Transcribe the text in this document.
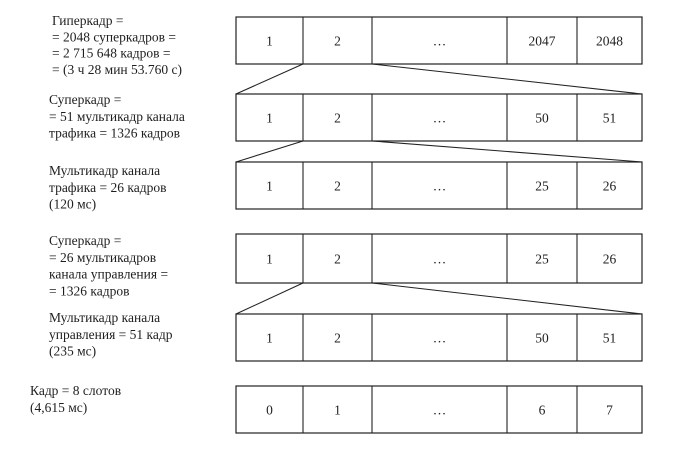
Гиперкадр = = 2048 суперкадров = = 2 715 648 кадров = = (3 ч 28 мин 53.760 с)
1	2	…	2047	2048
Суперкадр = = 51 мультикадр канала трафика = 1326 кадров
1	2	…	50	51
Мультикадр канала трафика = 26 кадров (120 мс)
1	2	…	25	26
Суперкадр = = 26 мультикадров канала управления = = 1326 кадров
1	2	…	25	26
Мультикадр канала управления = 51 кадр (235 мс)
1	2	…	50	51
Кадр = 8 слотов (4,615 мс)	0	1	…	6	7
